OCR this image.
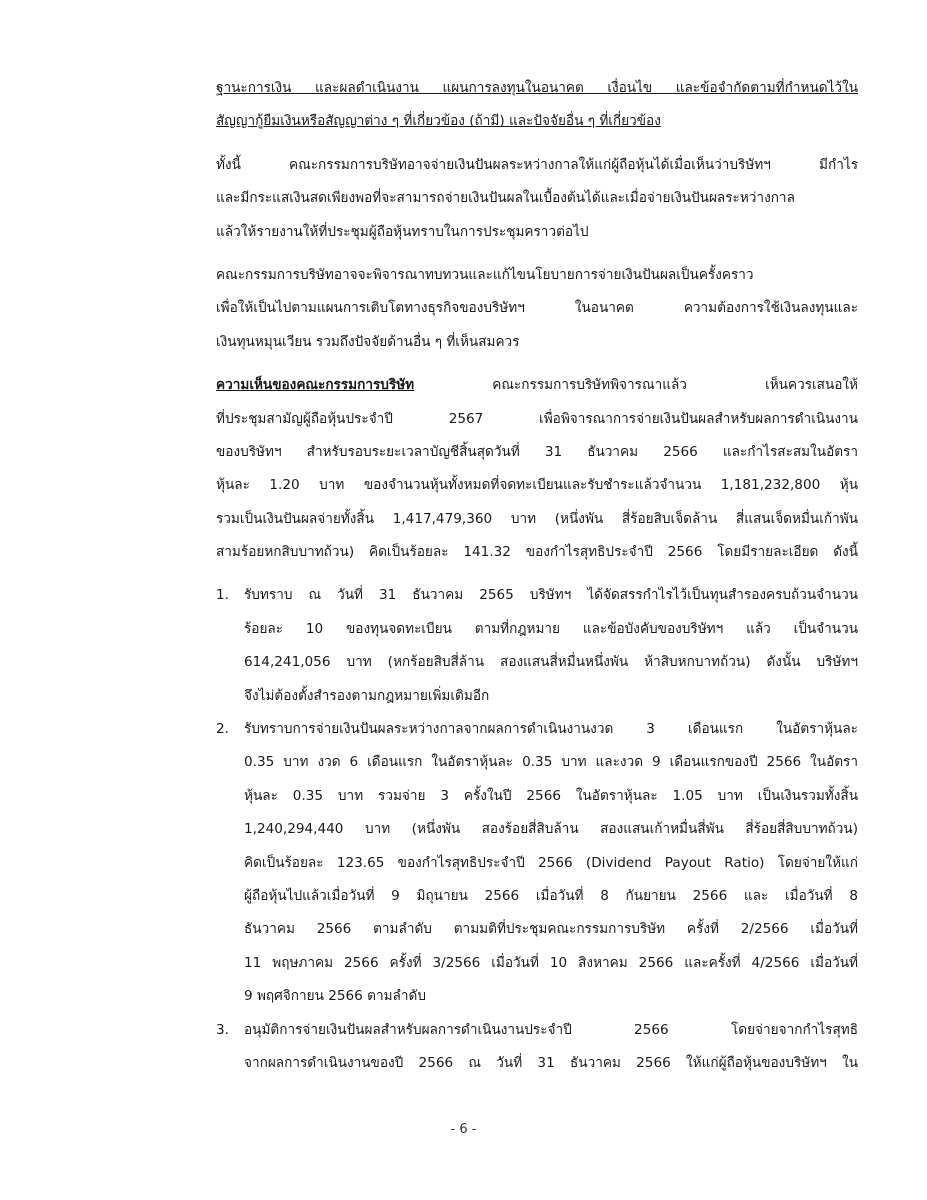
ฐานะการเงิน และผลดำเนินงาน แผนการลงทุนในอนาคต เงื่อนไข และข้อจำกัดตามที่กำหนดไว้ใน
สัญญากู้ยืมเงินหรือสัญญาต่าง ๆ ที่เกี่ยวข้อง (ถ้ามี) และปัจจัยอื่น ๆ ที่เกี่ยวข้อง
ทั้งนี้ คณะกรรมการบริษัทอาจจ่ายเงินปันผลระหว่างกาลให้แก่ผู้ถือหุ้นได้เมื่อเห็นว่าบริษัทฯ มีกำไร
และมีกระแสเงินสดเพียงพอที่จะสามารถจ่ายเงินปันผลในเบื้องต้นได้และเมื่อจ่ายเงินปันผลระหว่างกาล
แล้วให้รายงานให้ที่ประชุมผู้ถือหุ้นทราบในการประชุมคราวต่อไป
คณะกรรมการบริษัทอาจจะพิจารณาทบทวนและแก้ไขนโยบายการจ่ายเงินปันผลเป็นครั้งคราว
เพื่อให้เป็นไปตามแผนการเติบโตทางธุรกิจของบริษัทฯ ในอนาคต ความต้องการใช้เงินลงทุนและ
เงินทุนหมุนเวียน รวมถึงปัจจัยด้านอื่น ๆ ที่เห็นสมควร
ความเห็นของคณะกรรมการบริษัท คณะกรรมการบริษัทพิจารณาแล้ว เห็นควรเสนอให้
ที่ประชุมสามัญผู้ถือหุ้นประจำปี 2567 เพื่อพิจารณาการจ่ายเงินปันผลสำหรับผลการดำเนินงาน
ของบริษัทฯ สำหรับรอบระยะเวลาบัญชีสิ้นสุดวันที่ 31 ธันวาคม 2566 และกำไรสะสมในอัตรา
หุ้นละ 1.20 บาท ของจำนวนหุ้นทั้งหมดที่จดทะเบียนและรับชำระแล้วจำนวน 1,181,232,800 หุ้น
รวมเป็นเงินปันผลจ่ายทั้งสิ้น 1,417,479,360 บาท (หนึ่งพัน สี่ร้อยสิบเจ็ดล้าน สี่แสนเจ็ดหมื่นเก้าพัน
สามร้อยหกสิบบาทถ้วน) คิดเป็นร้อยละ 141.32 ของกำไรสุทธิประจำปี 2566 โดยมีรายละเอียด ดังนี้
1. รับทราบ ณ วันที่ 31 ธันวาคม 2565 บริษัทฯ ได้จัดสรรกำไรไว้เป็นทุนสำรองครบถ้วนจำนวน
ร้อยละ 10 ของทุนจดทะเบียน ตามที่กฎหมาย และข้อบังคับของบริษัทฯ แล้ว เป็นจำนวน
614,241,056 บาท (หกร้อยสิบสี่ล้าน สองแสนสี่หมื่นหนึ่งพัน ห้าสิบหกบาทถ้วน) ดังนั้น บริษัทฯ
จึงไม่ต้องตั้งสำรองตามกฎหมายเพิ่มเติมอีก
2. รับทราบการจ่ายเงินปันผลระหว่างกาลจากผลการดำเนินงานงวด 3 เดือนแรก ในอัตราหุ้นละ
0.35 บาท งวด 6 เดือนแรก ในอัตราหุ้นละ 0.35 บาท และงวด 9 เดือนแรกของปี 2566 ในอัตรา
หุ้นละ 0.35 บาท รวมจ่าย 3 ครั้งในปี 2566 ในอัตราหุ้นละ 1.05 บาท เป็นเงินรวมทั้งสิ้น
1,240,294,440 บาท (หนึ่งพัน สองร้อยสี่สิบล้าน สองแสนเก้าหมื่นสี่พัน สี่ร้อยสี่สิบบาทถ้วน)
คิดเป็นร้อยละ 123.65 ของกำไรสุทธิประจำปี 2566 (Dividend Payout Ratio) โดยจ่ายให้แก่
ผู้ถือหุ้นไปแล้วเมื่อวันที่ 9 มิถุนายน 2566 เมื่อวันที่ 8 กันยายน 2566 และ เมื่อวันที่ 8
ธันวาคม 2566 ตามลำดับ ตามมติที่ประชุมคณะกรรมการบริษัท ครั้งที่ 2/2566 เมื่อวันที่
11 พฤษภาคม 2566 ครั้งที่ 3/2566 เมื่อวันที่ 10 สิงหาคม 2566 และครั้งที่ 4/2566 เมื่อวันที่
9 พฤศจิกายน 2566 ตามลำดับ
3. อนุมัติการจ่ายเงินปันผลสำหรับผลการดำเนินงานประจำปี 2566 โดยจ่ายจากกำไรสุทธิ
จากผลการดำเนินงานของปี 2566 ณ วันที่ 31 ธันวาคม 2566 ให้แก่ผู้ถือหุ้นของบริษัทฯ ใน
- 6 -
